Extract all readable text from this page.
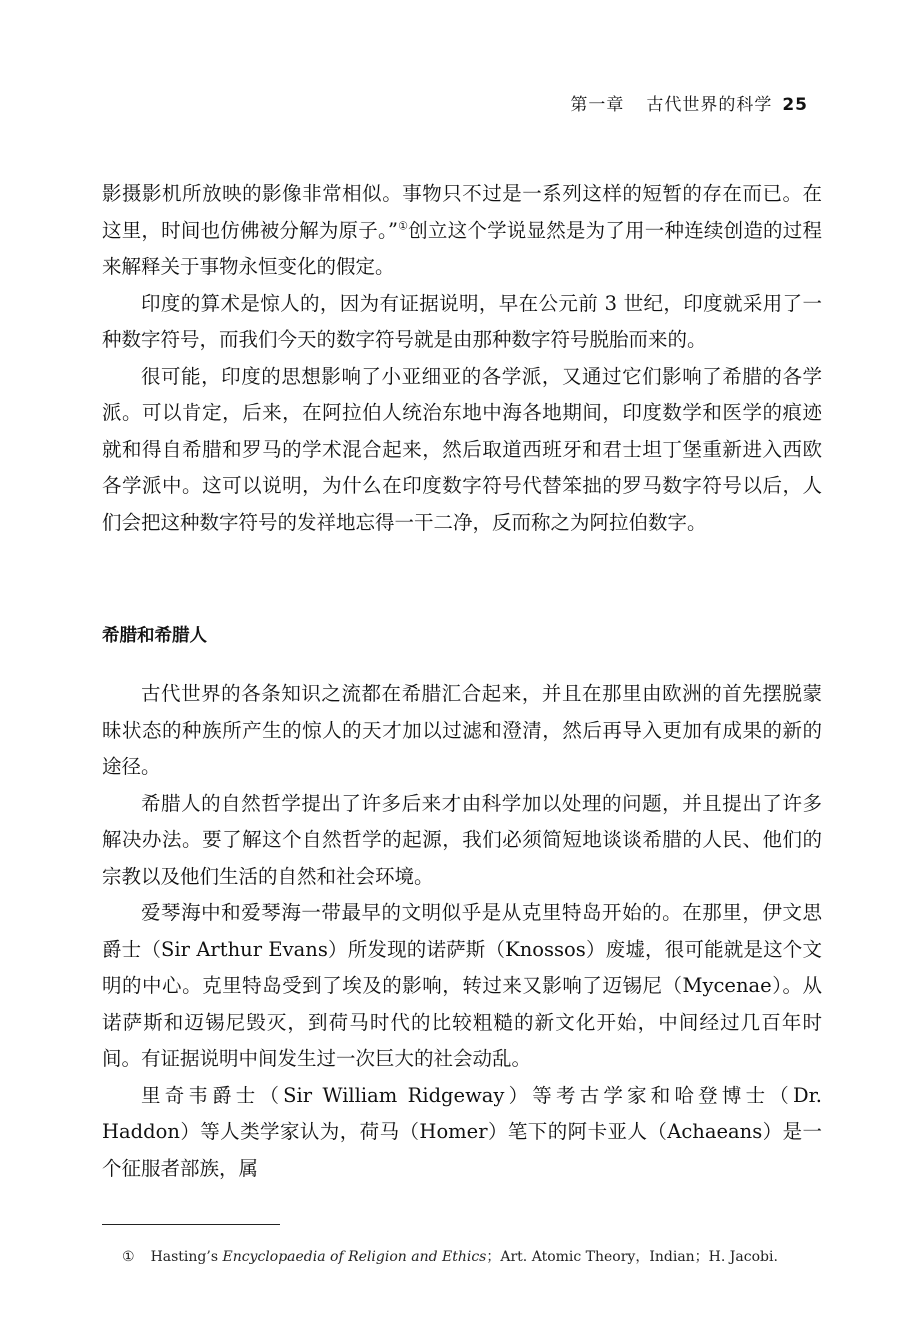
第一章 古代世界的科学 25

影摄影机所放映的影像非常相似。事物只不过是一系列这样的短暂的存在而已。在这里，时间也仿佛被分解为原子。”①创立这个学说显然是为了用一种连续创造的过程来解释关于事物永恒变化的假定。

印度的算术是惊人的，因为有证据说明，早在公元前 3 世纪，印度就采用了一种数字符号，而我们今天的数字符号就是由那种数字符号脱胎而来的。

很可能，印度的思想影响了小亚细亚的各学派，又通过它们影响了希腊的各学派。可以肯定，后来，在阿拉伯人统治东地中海各地期间，印度数学和医学的痕迹就和得自希腊和罗马的学术混合起来，然后取道西班牙和君士坦丁堡重新进入西欧各学派中。这可以说明，为什么在印度数字符号代替笨拙的罗马数字符号以后，人们会把这种数字符号的发祥地忘得一干二净，反而称之为阿拉伯数字。

希腊和希腊人

古代世界的各条知识之流都在希腊汇合起来，并且在那里由欧洲的首先摆脱蒙昧状态的种族所产生的惊人的天才加以过滤和澄清，然后再导入更加有成果的新的途径。

希腊人的自然哲学提出了许多后来才由科学加以处理的问题，并且提出了许多解决办法。要了解这个自然哲学的起源，我们必须简短地谈谈希腊的人民、他们的宗教以及他们生活的自然和社会环境。

爱琴海中和爱琴海一带最早的文明似乎是从克里特岛开始的。在那里，伊文思爵士（Sir Arthur Evans）所发现的诺萨斯（Knossos）废墟，很可能就是这个文明的中心。克里特岛受到了埃及的影响，转过来又影响了迈锡尼（Mycenae）。从诺萨斯和迈锡尼毁灭，到荷马时代的比较粗糙的新文化开始，中间经过几百年时间。有证据说明中间发生过一次巨大的社会动乱。

里奇韦爵士（Sir William Ridgeway）等考古学家和哈登博士（Dr. Haddon）等人类学家认为，荷马（Homer）笔下的阿卡亚人（Achaeans）是一个征服者部族，属

① Hasting’s Encyclopaedia of Religion and Ethics；Art. Atomic Theory，Indian；H. Jacobi.
